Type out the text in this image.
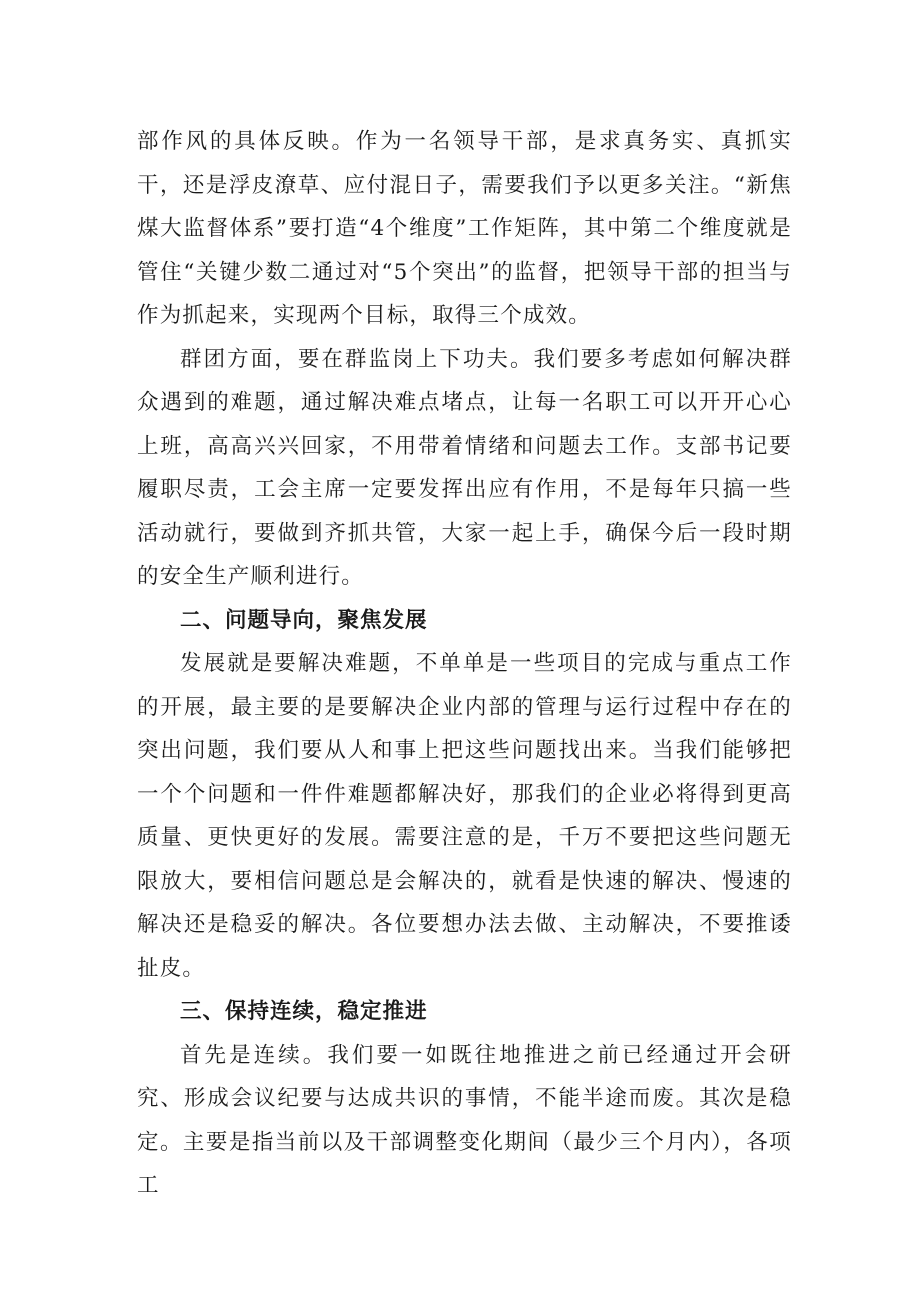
部作风的具体反映。作为一名领导干部，是求真务实、真抓实干，还是浮皮潦草、应付混日子，需要我们予以更多关注。“新焦煤大监督体系”要打造“4个维度”工作矩阵，其中第二个维度就是管住“关键少数二通过对“5个突出”的监督，把领导干部的担当与作为抓起来，实现两个目标，取得三个成效。

群团方面，要在群监岗上下功夫。我们要多考虑如何解决群众遇到的难题，通过解决难点堵点，让每一名职工可以开开心心上班，高高兴兴回家，不用带着情绪和问题去工作。支部书记要履职尽责，工会主席一定要发挥出应有作用，不是每年只搞一些活动就行，要做到齐抓共管，大家一起上手，确保今后一段时期的安全生产顺利进行。

二、问题导向，聚焦发展

发展就是要解决难题，不单单是一些项目的完成与重点工作的开展，最主要的是要解决企业内部的管理与运行过程中存在的突出问题，我们要从人和事上把这些问题找出来。当我们能够把一个个问题和一件件难题都解决好，那我们的企业必将得到更高质量、更快更好的发展。需要注意的是，千万不要把这些问题无限放大，要相信问题总是会解决的，就看是快速的解决、慢速的解决还是稳妥的解决。各位要想办法去做、主动解决，不要推诿扯皮。

三、保持连续，稳定推进

首先是连续。我们要一如既往地推进之前已经通过开会研究、形成会议纪要与达成共识的事情，不能半途而废。其次是稳定。主要是指当前以及干部调整变化期间（最少三个月内），各项工
